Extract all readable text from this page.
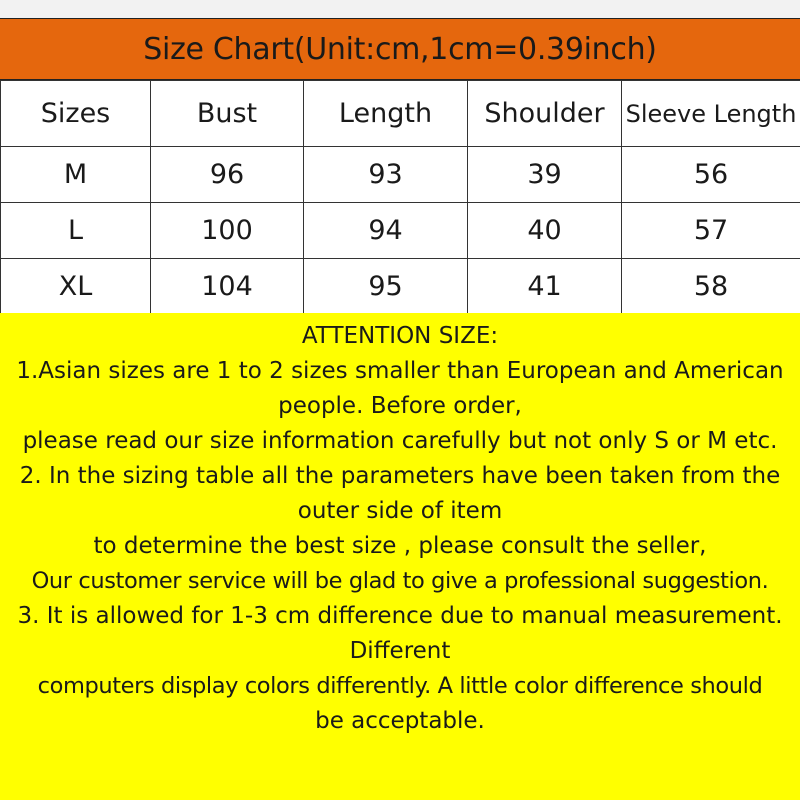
Size Chart(Unit:cm,1cm=0.39inch)
Sizes	Bust	Length	Shoulder	Sleeve Length
M	96	93	39	56
L	100	94	40	57
XL	104	95	41	58
ATTENTION SIZE:
1.Asian sizes are 1 to 2 sizes smaller than European and American
people. Before order,
please read our size information carefully but not only S or M etc.
2. In the sizing table all the parameters have been taken from the
outer side of item
to determine the best size , please consult the seller,
Our customer service will be glad to give a professional suggestion.
3. It is allowed for 1-3 cm difference due to manual measurement.
Different
computers display colors differently. A little color difference should
be acceptable.
